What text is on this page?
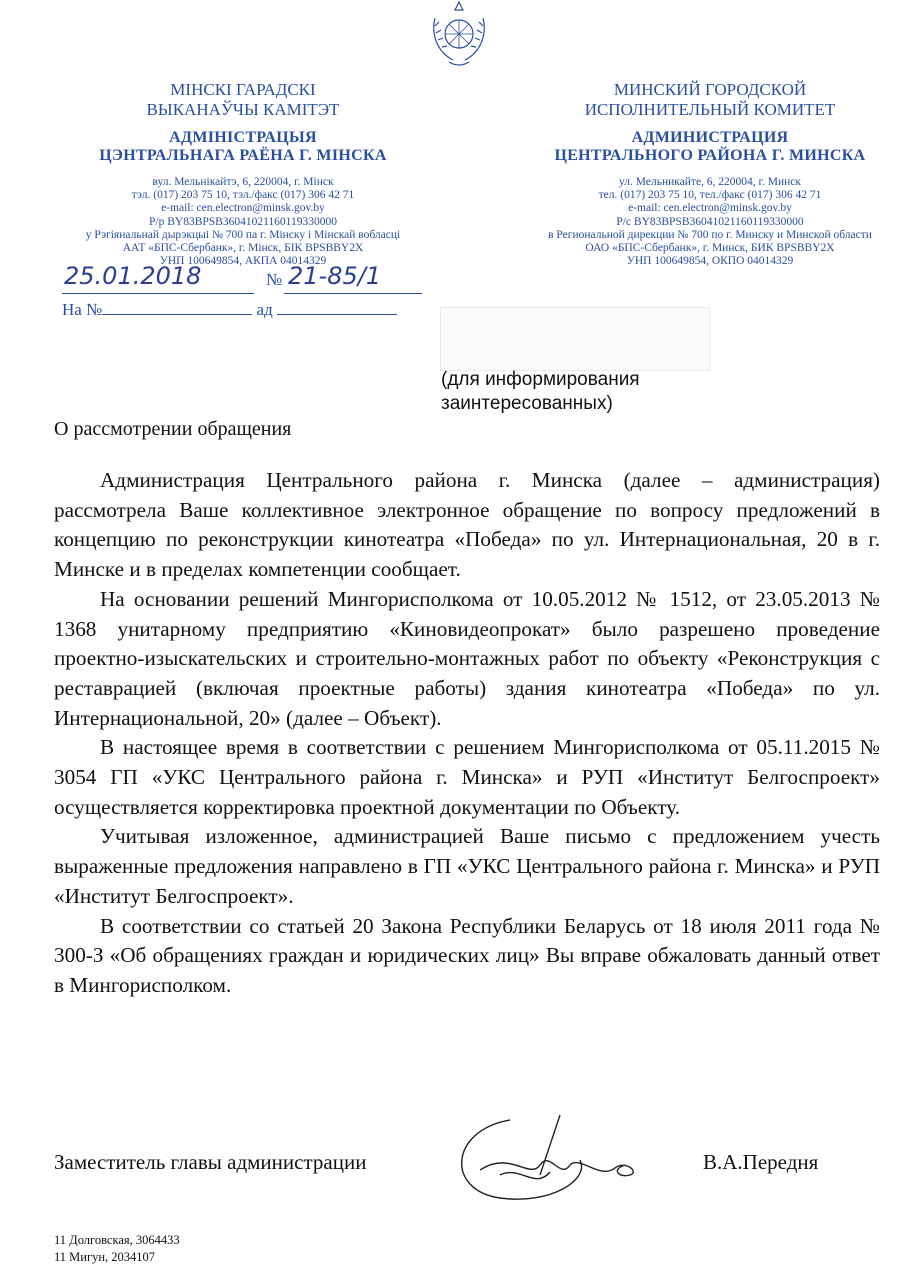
МІНСКІ ГАРАДСКІ
ВЫКАНАЎЧЫ КАМІТЭТ
АДМІНІСТРАЦЫЯ
ЦЭНТРАЛЬНАГА РАЁНА Г. МІНСКА
вул. Мельнікайтэ, 6, 220004, г. Мінск
тэл. (017) 203 75 10, тэл./факс (017) 306 42 71
e-mail: cen.electron@minsk.gov.by
Р/р BY83BPSB36041021160119330000
у Рэгіянальнай дырэкцыі № 700 па г. Мінску і Мінскай вобласці
ААТ «БПС-Сбербанк», г. Мінск, БІК BPSBBY2X
УНП 100649854, АКПА 04014329
МИНСКИЙ ГОРОДСКОЙ
ИСПОЛНИТЕЛЬНЫЙ КОМИТЕТ
АДМИНИСТРАЦИЯ
ЦЕНТРАЛЬНОГО РАЙОНА Г. МИНСКА
ул. Мельникайте, 6, 220004, г. Минск
тел. (017) 203 75 10, тел./факс (017) 306 42 71
e-mail: cen.electron@minsk.gov.by
Р/с BY83BPSB36041021160119330000
в Региональной дирекции № 700 по г. Минску и Минской области
ОАО «БПС-Сбербанк», г. Минск, БИК BPSBBY2X
УНП 100649854, ОКПО 04014329
25.01.2018	№ 21-85/1
На №	ад
(для информирования
заинтересованных)
О рассмотрении обращения

Администрация Центрального района г. Минска (далее – администрация) рассмотрела Ваше коллективное электронное обращение по вопросу предложений в концепцию по реконструкции кинотеатра «Победа» по ул. Интернациональная, 20 в г. Минске и в пределах компетенции сообщает.

На основании решений Мингорисполкома от 10.05.2012 № 1512, от 23.05.2013 № 1368 унитарному предприятию «Киновидеопрокат» было разрешено проведение проектно-изыскательских и строительно-монтажных работ по объекту «Реконструкция с реставрацией (включая проектные работы) здания кинотеатра «Победа» по ул. Интернациональной, 20» (далее – Объект).

В настоящее время в соответствии с решением Мингорисполкома от 05.11.2015 № 3054 ГП «УКС Центрального района г. Минска» и РУП «Институт Белгоспроект» осуществляется корректировка проектной документации по Объекту.

Учитывая изложенное, администрацией Ваше письмо с предложением учесть выраженные предложения направлено в ГП «УКС Центрального района г. Минска» и РУП «Институт Белгоспроект».

В соответствии со статьей 20 Закона Республики Беларусь от 18 июля 2011 года № 300-З «Об обращениях граждан и юридических лиц» Вы вправе обжаловать данный ответ в Мингорисполком.

Заместитель главы администрации	В.А.Передня
11 Долговская, 3064433
11 Мигун, 2034107
